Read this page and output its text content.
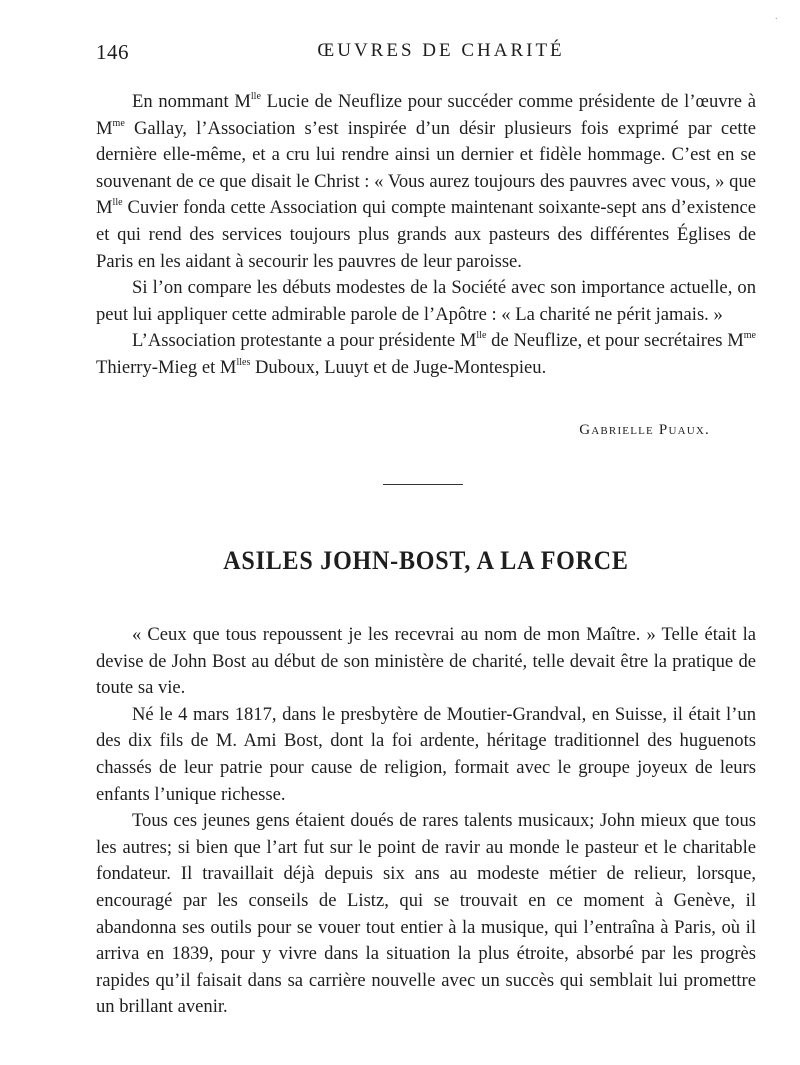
·
146	ŒUVRES DE CHARITÉ

En nommant $M^{lle}$ Lucie de Neuflize pour succéder comme présidente de l’œuvre à $M^{me}$ Gallay, l’Association s’est inspirée d’un désir plusieurs fois exprimé par cette dernière elle-même, et a cru lui rendre ainsi un dernier et fidèle hommage. C’est en se souvenant de ce que disait le Christ : « Vous aurez toujours des pauvres avec vous, » que $M^{lle}$ Cuvier fonda cette Association qui compte maintenant soixante-sept ans d’existence et qui rend des services toujours plus grands aux pasteurs des différentes Églises de Paris en les aidant à secourir les pauvres de leur paroisse.

Si l’on compare les débuts modestes de la Société avec son importance actuelle, on peut lui appliquer cette admirable parole de l’Apôtre : « La charité ne périt jamais. »

L’Association protestante a pour présidente $M^{lle}$ de Neuflize, et pour secrétaires $M^{me}$ Thierry-Mieg et $M^{lles}$ Duboux, Luuyt et de Juge-Montespieu.

Gabrielle Puaux.
ASILES JOHN-BOST, A LA FORCE

« Ceux que tous repoussent je les recevrai au nom de mon Maître. » Telle était la devise de John Bost au début de son ministère de charité, telle devait être la pratique de toute sa vie.

Né le 4 mars 1817, dans le presbytère de Moutier-Grandval, en Suisse, il était l’un des dix fils de M. Ami Bost, dont la foi ardente, héritage traditionnel des huguenots chassés de leur patrie pour cause de religion, formait avec le groupe joyeux de leurs enfants l’unique richesse.

Tous ces jeunes gens étaient doués de rares talents musicaux; John mieux que tous les autres; si bien que l’art fut sur le point de ravir au monde le pasteur et le charitable fondateur. Il travaillait déjà depuis six ans au modeste métier de relieur, lorsque, encouragé par les conseils de Listz, qui se trouvait en ce moment à Genève, il abandonna ses outils pour se vouer tout entier à la musique, qui l’entraîna à Paris, où il arriva en 1839, pour y vivre dans la situation la plus étroite, absorbé par les progrès rapides qu’il faisait dans sa carrière nouvelle avec un succès qui semblait lui promettre un brillant avenir.
